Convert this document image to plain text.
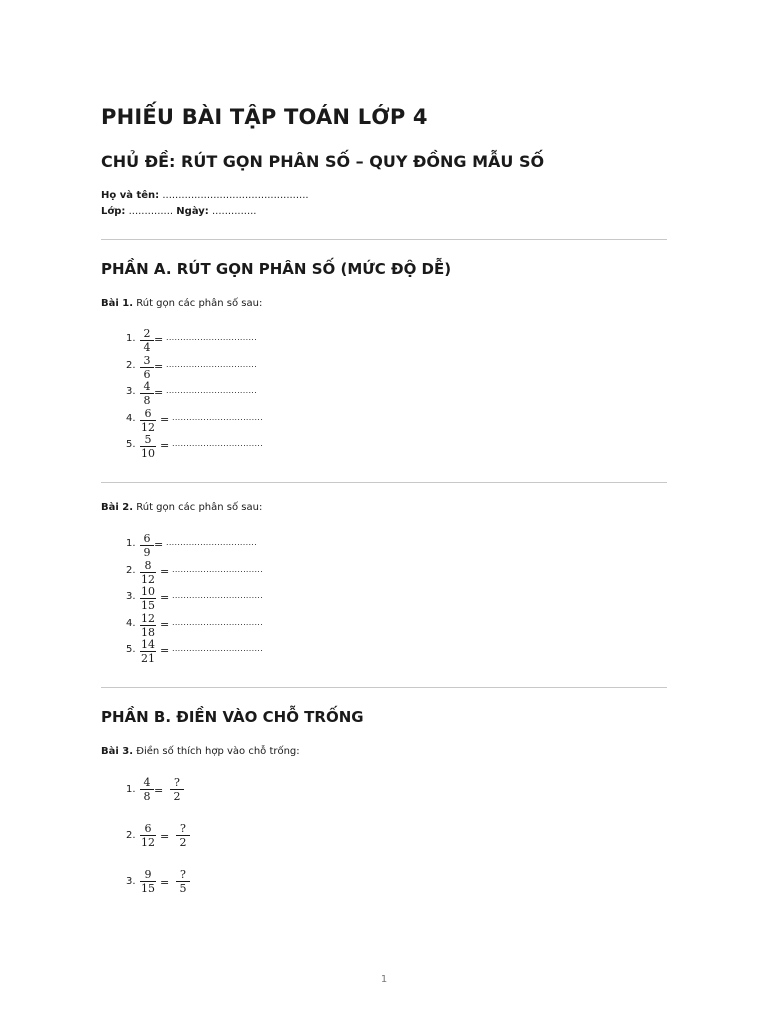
PHIẾU BÀI TẬP TOÁN LỚP 4
CHỦ ĐỀ: RÚT GỌN PHÂN SỐ – QUY ĐỒNG MẪU SỐ
Họ và tên: ..............................................
Lớp: .............. Ngày: ..............
PHẦN A. RÚT GỌN PHÂN SỐ (MỨC ĐỘ DỄ)
Bài 1. Rút gọn các phân số sau:
1. 2
4
= ................................
2. 3
6
= ................................
3. 4
8
= ................................
4. 6
12
= ................................
5. 5
10
= ................................
Bài 2. Rút gọn các phân số sau:
1. 6
9
= ................................
2. 8
12
= ................................
3. 10
15
= ................................
4. 12
18
= ................................
5. 14
21
= ................................
PHẦN B. ĐIỀN VÀO CHỖ TRỐNG
Bài 3. Điền số thích hợp vào chỗ trống:
1.
4
8 =
?
2
2.
6
12 =
?
2
3.
9
15 =
?
5
1
